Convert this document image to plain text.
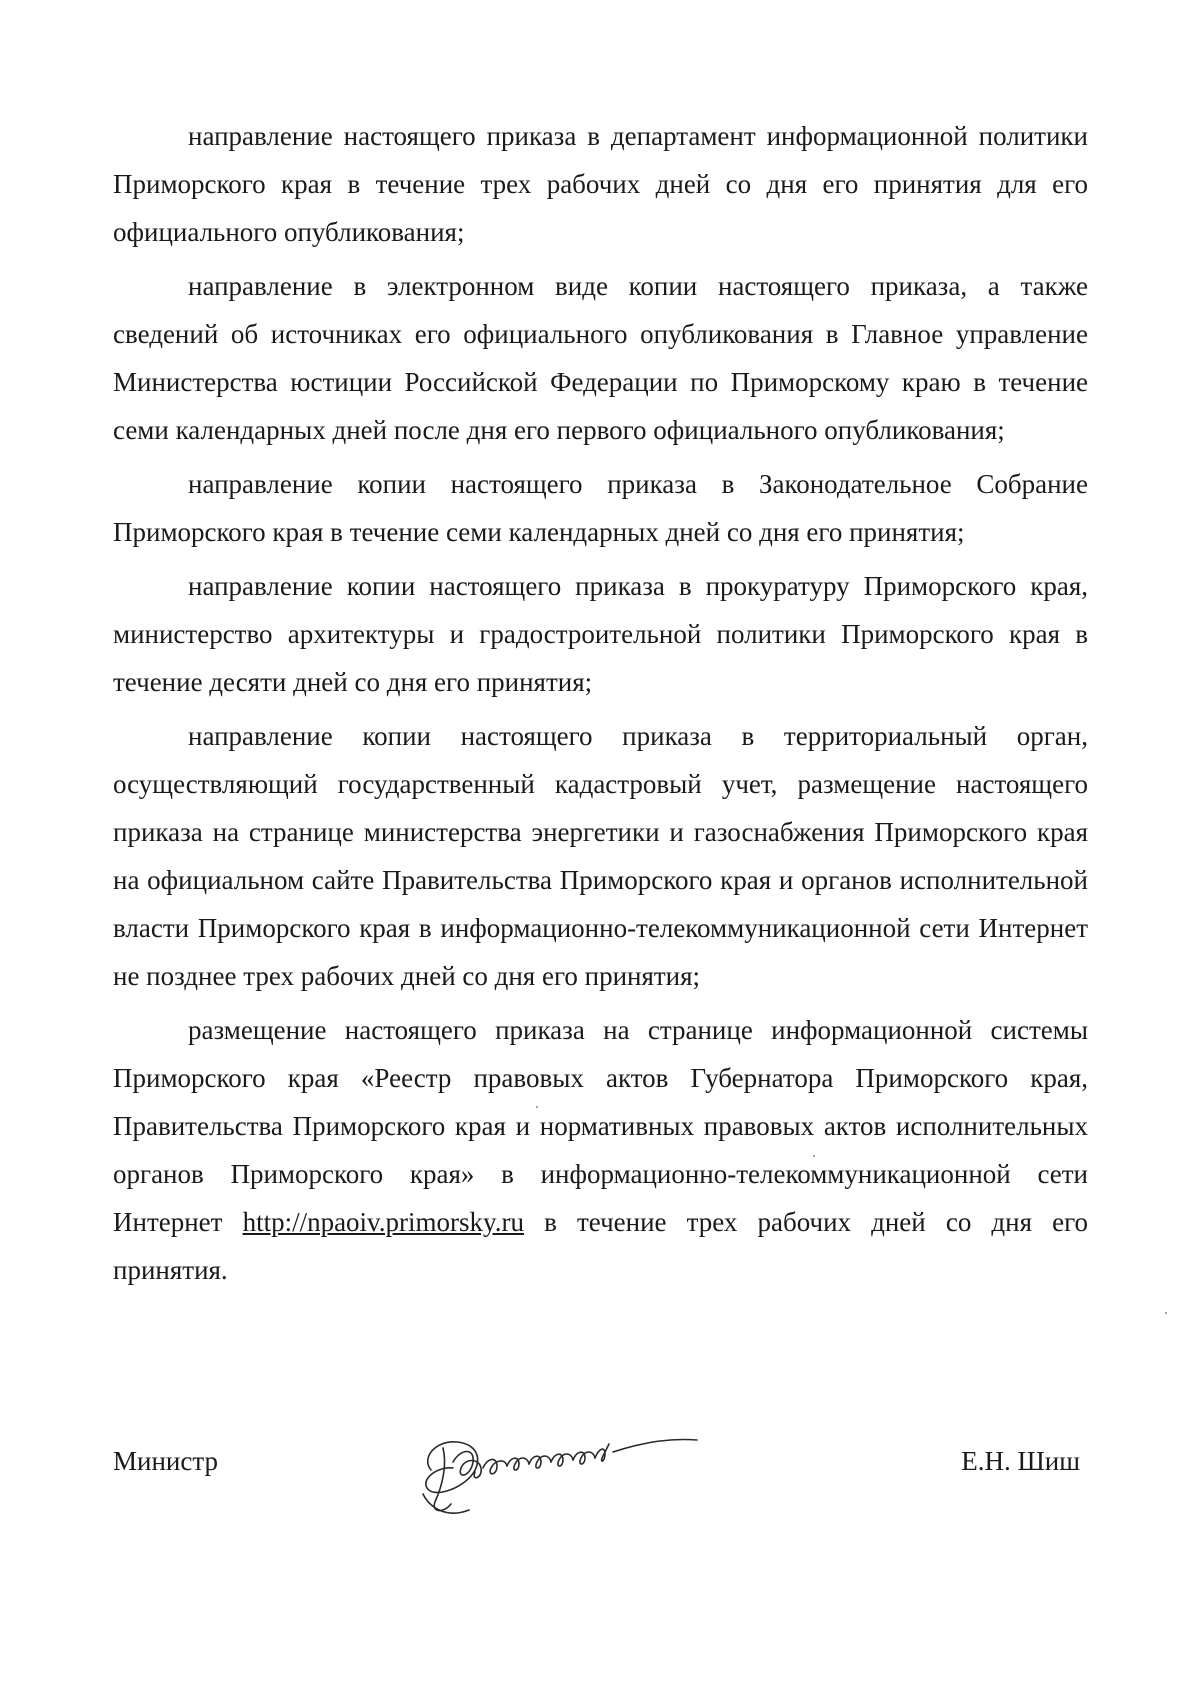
направление настоящего приказа в департамент информационной политики Приморского края в течение трех рабочих дней со дня его принятия для его официального опубликования;

направление в электронном виде копии настоящего приказа, а также сведений об источниках его официального опубликования в Главное управление Министерства юстиции Российской Федерации по Приморскому краю в течение семи календарных дней после дня его первого официального опубликования;

направление копии настоящего приказа в Законодательное Собрание Приморского края в течение семи календарных дней со дня его принятия;

направление копии настоящего приказа в прокуратуру Приморского края, министерство архитектуры и градостроительной политики Приморского края в течение десяти дней со дня его принятия;

направление копии настоящего приказа в территориальный орган, осуществляющий государственный кадастровый учет, размещение настоящего приказа на странице министерства энергетики и газоснабжения Приморского края на официальном сайте Правительства Приморского края и органов исполнительной власти Приморского края в информационно-телекоммуникационной сети Интернет не позднее трех рабочих дней со дня его принятия;

размещение настоящего приказа на странице информационной системы Приморского края «Реестр правовых актов Губернатора Приморского края, Правительства Приморского края и нормативных правовых актов исполнительных органов Приморского края» в информационно-телекоммуникационной сети Интернет http://npaoiv.primorsky.ru в течение трех рабочих дней со дня его принятия.

Министр	Е.Н. Шиш
